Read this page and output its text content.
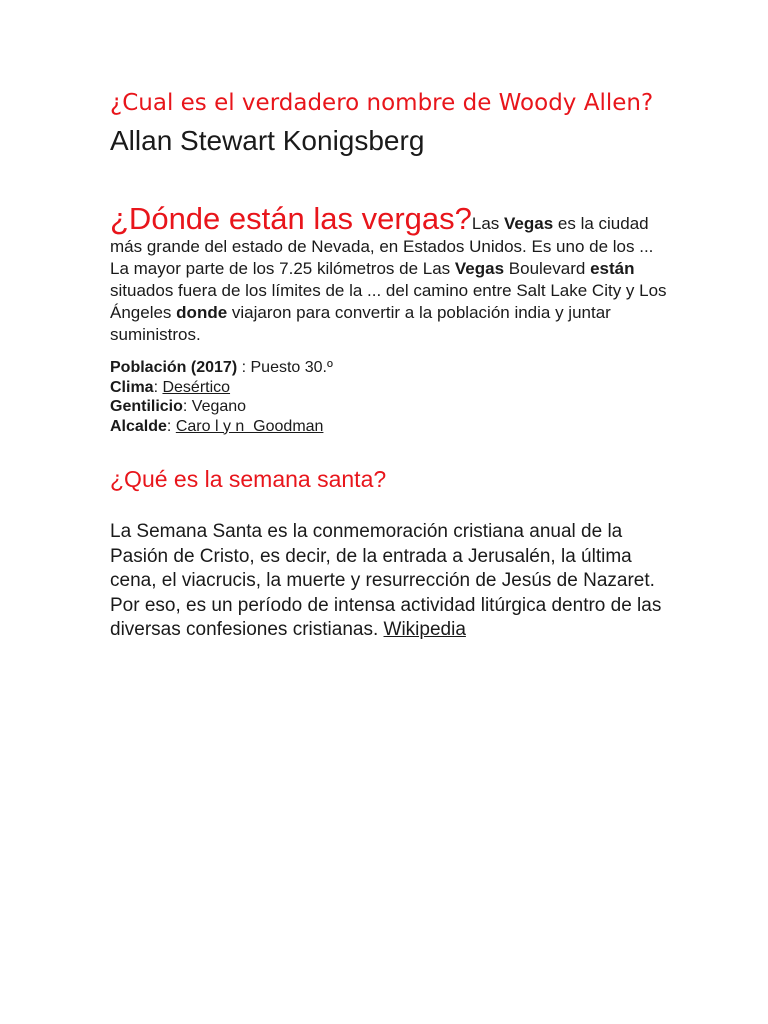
¿Cual es el verdadero nombre de Woody Allen? Allan Stewart Konigsberg

¿Dónde están las vergas?Las Vegas es la ciudad más grande del estado de Nevada, en Estados Unidos. Es uno de los ... La mayor parte de los 7.25 kilómetros de Las Vegas Boulevard están situados fuera de los límites de la ... del camino entre Salt Lake City y Los Ángeles donde viajaron para convertir a la población india y juntar suministros.
Población (2017) : Puesto 30.º
Clima: Desértico
Gentilicio: Vegano
Alcalde: Caro l y n  Goodman
¿Qué es la semana santa?
La Semana Santa es la conmemoración cristiana anual de la Pasión de Cristo, es decir, de la entrada a Jerusalén, la última cena, el viacrucis, la muerte y resurrección de Jesús de Nazaret. Por eso, es un período de intensa actividad litúrgica dentro de las diversas confesiones cristianas. Wikipedia
